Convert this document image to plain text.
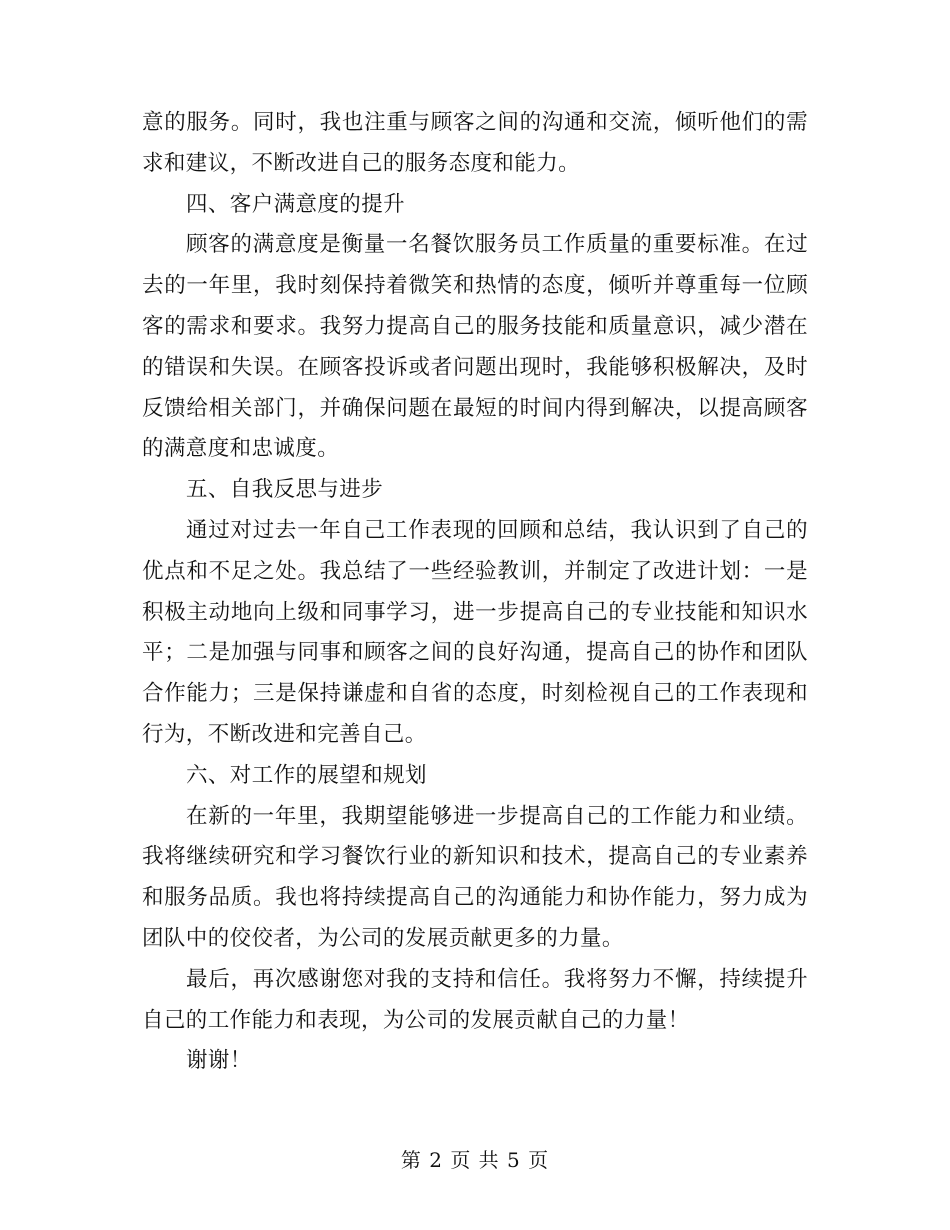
意的服务。同时，我也注重与顾客之间的沟通和交流，倾听他们的需求和建议，不断改进自己的服务态度和能力。

四、客户满意度的提升

顾客的满意度是衡量一名餐饮服务员工作质量的重要标准。在过去的一年里，我时刻保持着微笑和热情的态度，倾听并尊重每一位顾客的需求和要求。我努力提高自己的服务技能和质量意识，减少潜在的错误和失误。在顾客投诉或者问题出现时，我能够积极解决，及时反馈给相关部门，并确保问题在最短的时间内得到解决，以提高顾客的满意度和忠诚度。

五、自我反思与进步

通过对过去一年自己工作表现的回顾和总结，我认识到了自己的优点和不足之处。我总结了一些经验教训，并制定了改进计划：一是积极主动地向上级和同事学习，进一步提高自己的专业技能和知识水平；二是加强与同事和顾客之间的良好沟通，提高自己的协作和团队合作能力；三是保持谦虚和自省的态度，时刻检视自己的工作表现和行为，不断改进和完善自己。

六、对工作的展望和规划

在新的一年里，我期望能够进一步提高自己的工作能力和业绩。我将继续研究和学习餐饮行业的新知识和技术，提高自己的专业素养和服务品质。我也将持续提高自己的沟通能力和协作能力，努力成为团队中的佼佼者，为公司的发展贡献更多的力量。

最后，再次感谢您对我的支持和信任。我将努力不懈，持续提升自己的工作能力和表现，为公司的发展贡献自己的力量！

谢谢！

第 2 页 共 5 页
